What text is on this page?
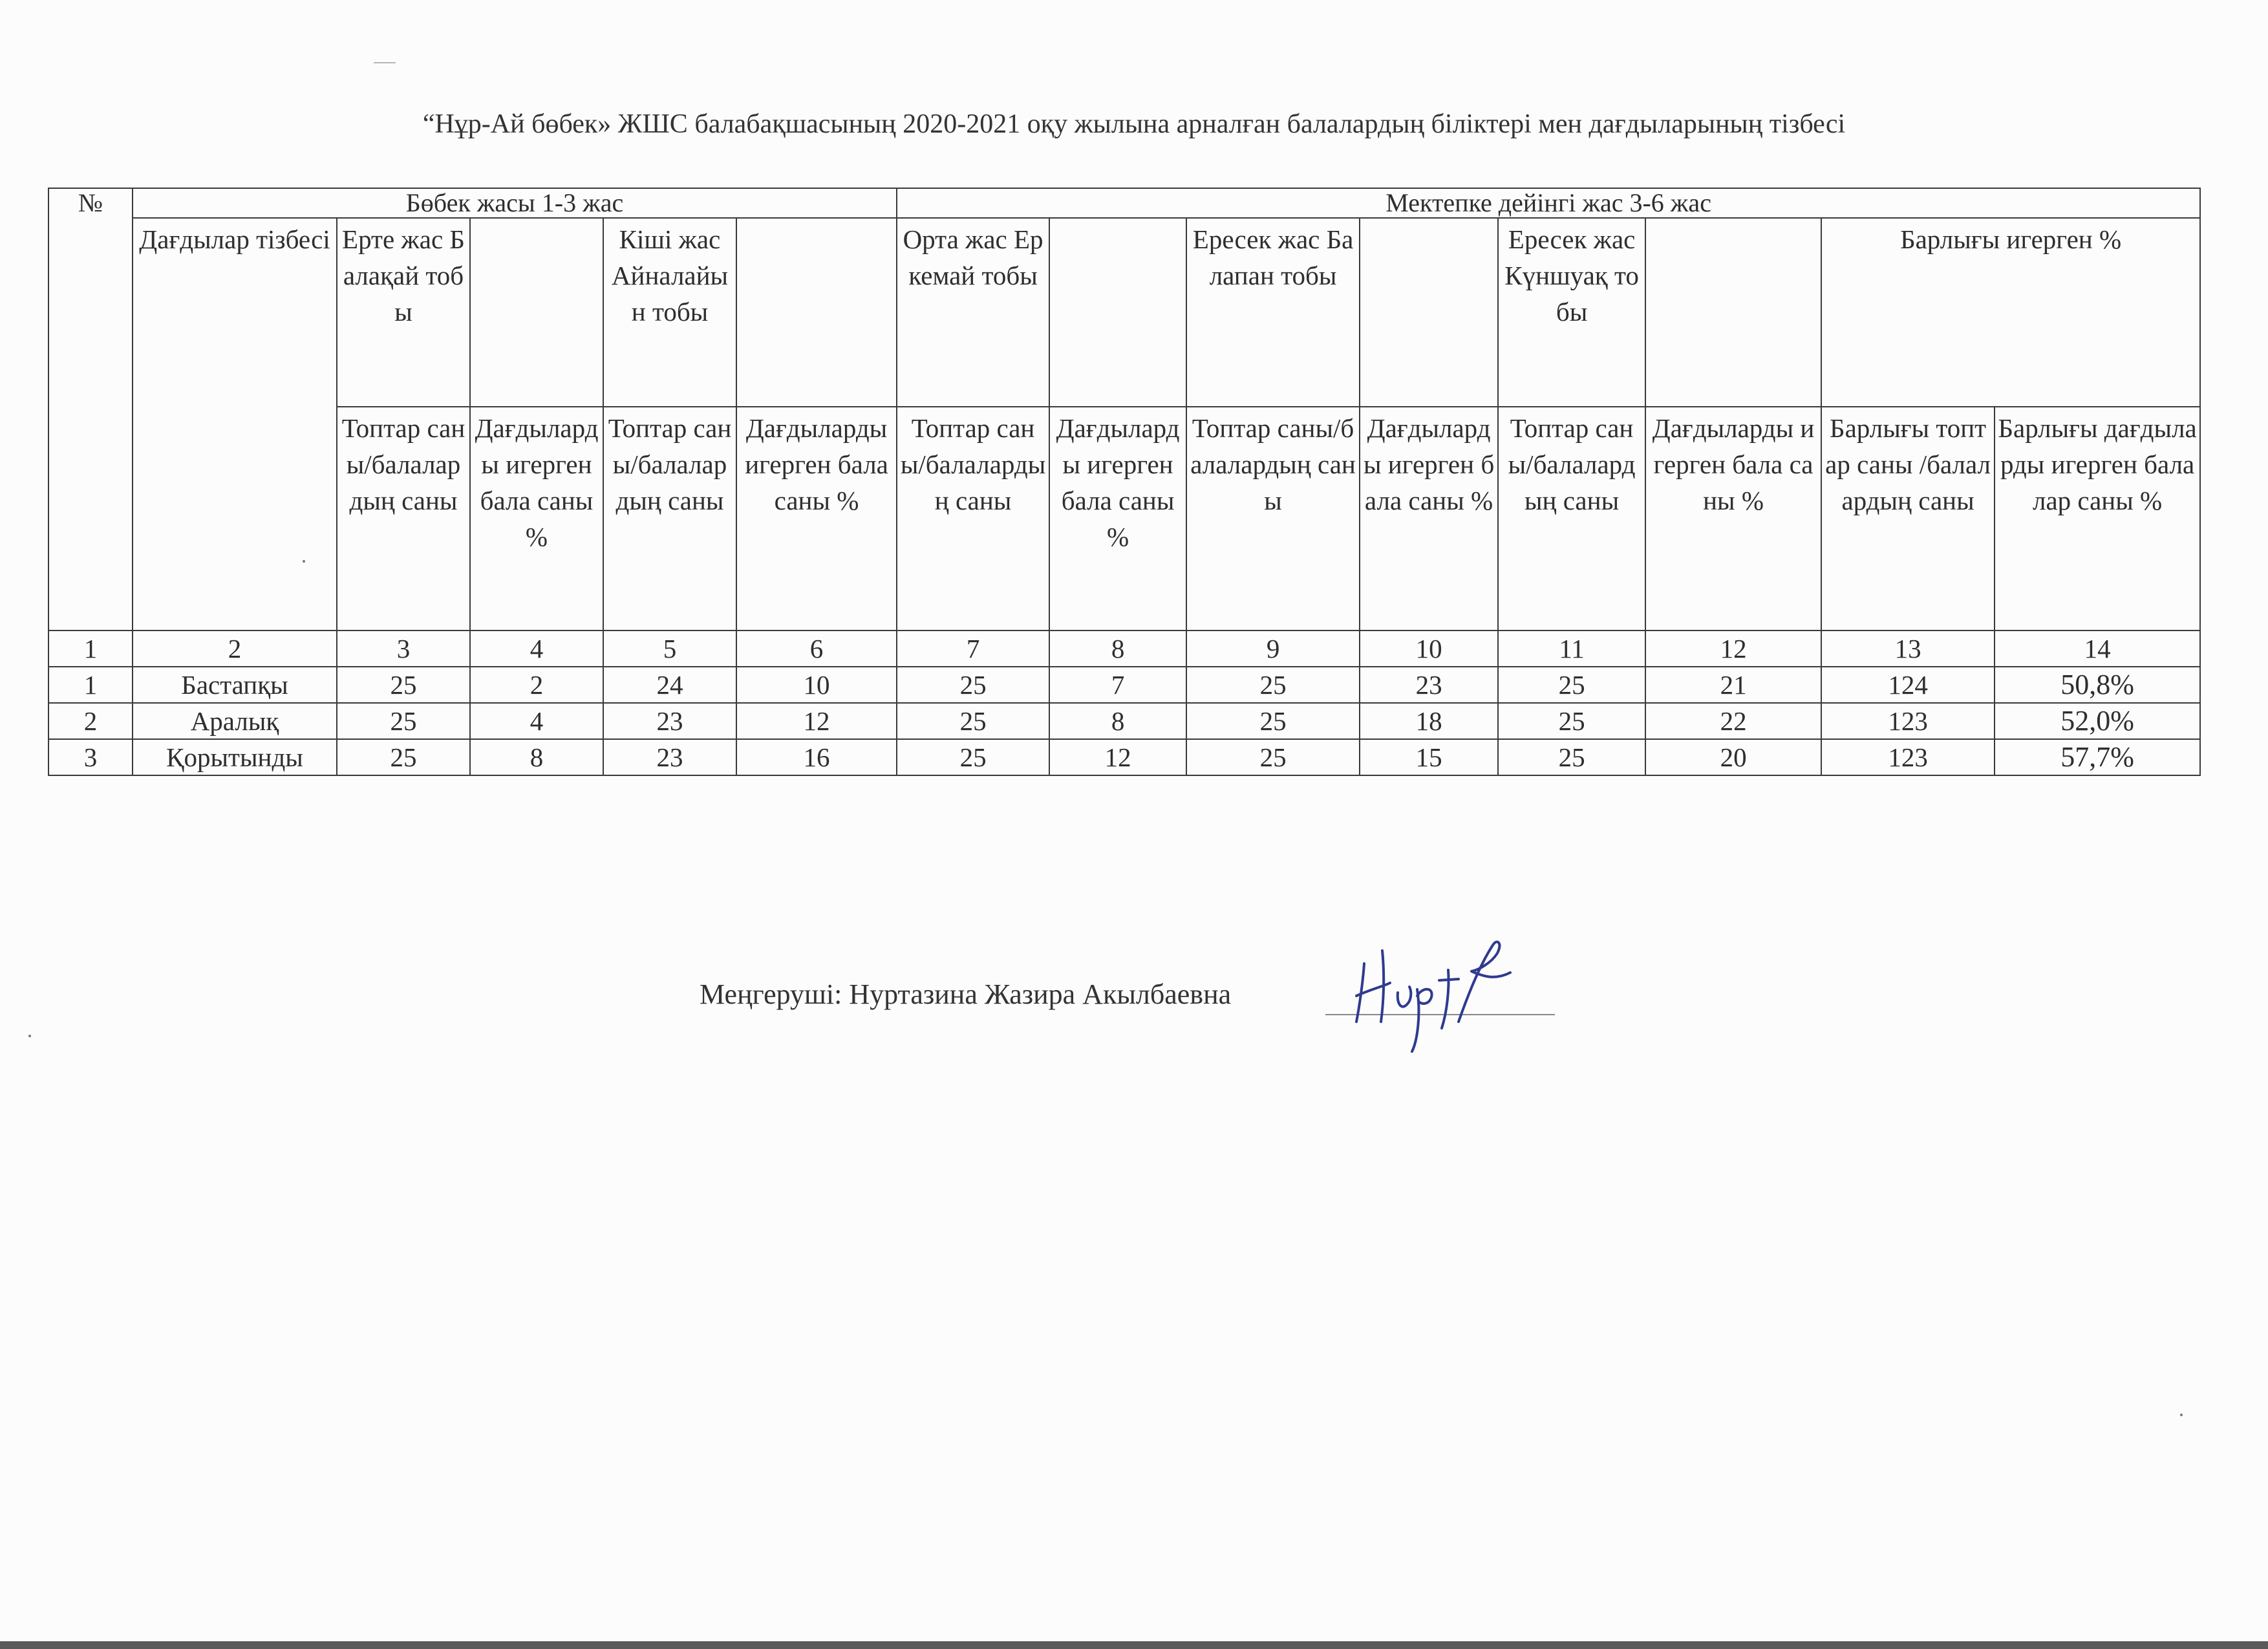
“Нұр-Ай бөбек» ЖШС балабақшасының 2020-2021 оқу жылына арналған балалардың біліктері мен дағдыларының тізбесі
№	Бөбек жасы 1-3 жас					Мектепке дейінгі жас 3-6 жас							
	Дағдылар тізбесі	Ерте жас Балақай тобы		Кіші жас Айналайын тобы		Орта жас Еркемай тобы		Ересек жас Балапан тобы		Ересек жас Күншуақ тобы		Барлығы игерген %	
		Топтар саны/балалардың саны	Дағдыларды игерген бала саны %	Топтар саны/балалардың саны	Дағдыларды игерген бала саны %	Топтар саны/балалардың саны	Дағдыларды игерген бала саны %	Топтар саны/балалардың саны	Дағдыларды игерген бала саны %	Топтар саны/балалардың саны	Дағдыларды игерген бала саны %	Барлығы топтар саны /балалардың саны	Барлығы дағдыларды игерген балалар саны %
1	2	3	4	5	6	7	8	9	10	11	12	13	14
1	Бастапқы	25	2	24	10	25	7	25	23	25	21	124	50,8%
2	Аралық	25	4	23	12	25	8	25	18	25	22	123	52,0%
3	Қорытынды	25	8	23	16	25	12	25	15	25	20	123	57,7%
Меңгеруші: Нуртазина Жазира Акылбаевна
